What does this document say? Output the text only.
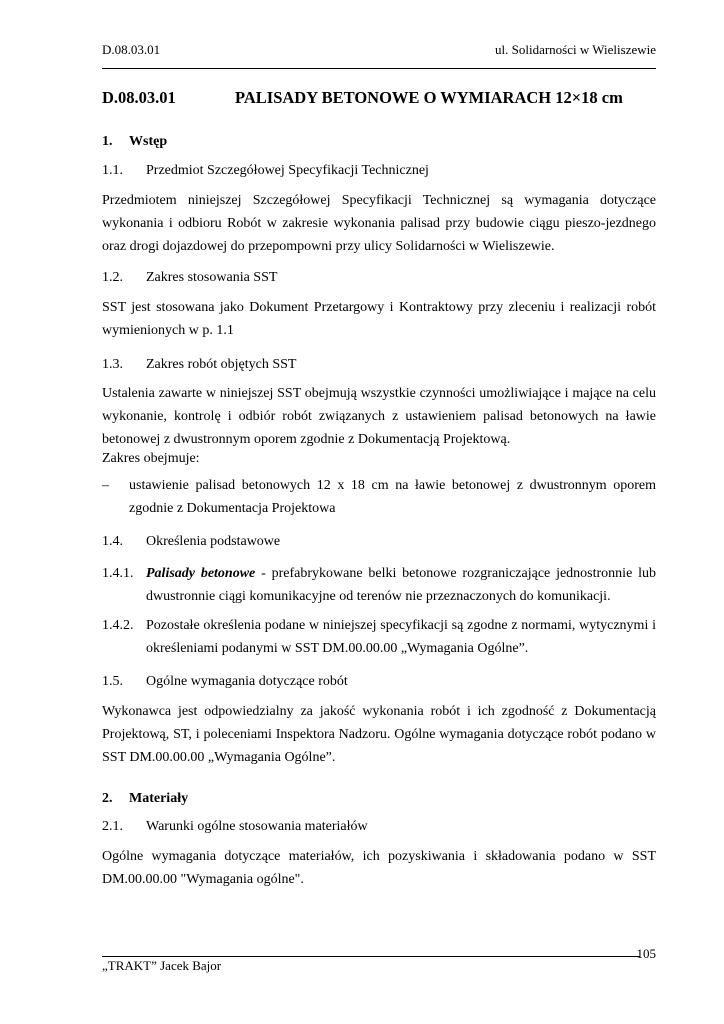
D.08.03.01	ul. Solidarności w Wieliszewie
D.08.03.01	PALISADY BETONOWE O WYMIARACH 12×18 cm
1. Wstęp
1.1. Przedmiot Szczegółowej Specyfikacji Technicznej
Przedmiotem niniejszej Szczegółowej Specyfikacji Technicznej są wymagania dotyczące wykonania i odbioru Robót w zakresie wykonania palisad przy budowie ciągu pieszo-jezdnego oraz drogi dojazdowej do przepompowni przy ulicy Solidarności w Wieliszewie.
1.2. Zakres stosowania SST
SST jest stosowana jako Dokument Przetargowy i Kontraktowy przy zleceniu i realizacji robót wymienionych w p. 1.1
1.3. Zakres robót objętych SST
Ustalenia zawarte w niniejszej SST obejmują wszystkie czynności umożliwiające i mające na celu wykonanie, kontrolę i odbiór robót związanych z ustawieniem palisad betonowych na ławie betonowej z dwustronnym oporem zgodnie z Dokumentacją Projektową.
Zakres obejmuje:
– ustawienie palisad betonowych 12 x 18 cm na ławie betonowej z dwustronnym oporem zgodnie z Dokumentacja Projektowa
1.4. Określenia podstawowe
1.4.1. Palisady betonowe - prefabrykowane belki betonowe rozgraniczające jednostronnie lub dwustronnie ciągi komunikacyjne od terenów nie przeznaczonych do komunikacji.
1.4.2. Pozostałe określenia podane w niniejszej specyfikacji są zgodne z normami, wytycznymi i określeniami podanymi w SST DM.00.00.00 „Wymagania Ogólne”.
1.5. Ogólne wymagania dotyczące robót
Wykonawca jest odpowiedzialny za jakość wykonania robót i ich zgodność z Dokumentacją Projektową, ST, i poleceniami Inspektora Nadzoru. Ogólne wymagania dotyczące robót podano w SST DM.00.00.00 „Wymagania Ogólne”.
2. Materiały
2.1. Warunki ogólne stosowania materiałów
Ogólne wymagania dotyczące materiałów, ich pozyskiwania i składowania podano w SST DM.00.00.00 "Wymagania ogólne".
105
„TRAKT” Jacek Bajor
